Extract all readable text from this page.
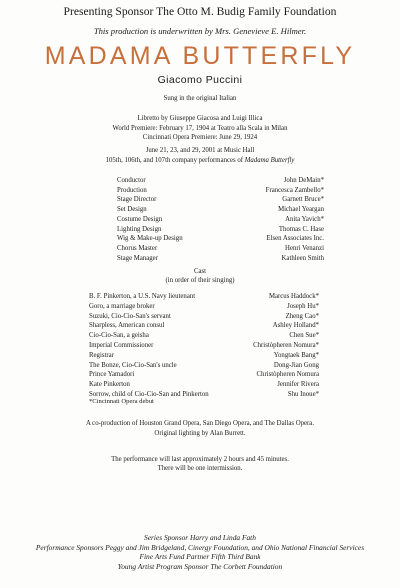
Presenting Sponsor The Otto M. Budig Family Foundation
This production is underwritten by Mrs. Genevieve E. Hilmer.
MADAMA BUTTERFLY
Giacomo Puccini
Sung in the original Italian
Libretto by Giuseppe Giacosa and Luigi Illica
World Premiere: February 17, 1904 at Teatro alla Scala in Milan
Cincinnati Opera Premiere: June 29, 1924
June 21, 23, and 29, 2001 at Music Hall
105th, 106th, and 107th company performances of Madama Butterfly
Conductor	John DeMain*
Production	Francesca Zambello*
Stage Director	Garnett Bruce*
Set Design	Michael Yeargan
Costume Design	Anita Yavich*
Lighting Design	Thomas C. Hase
Wig & Make-up Design	Elsen Associates Inc.
Chorus Master	Henri Venanzi
Stage Manager	Kathleen Smith
Cast
(in order of their singing)
B. F. Pinkerton, a U.S. Navy lieutenant	Marcus Haddock*
Goro, a marriage broker	Joseph Hu*
Suzuki, Cio-Cio-San's servant	Zheng Cao*
Sharpless, American consul	Ashley Holland*
Cio-Cio-San, a geisha	Chen Sue*
Imperial Commissioner	Christòpheren Nomura*
Registrar	Yongtaek Bang*
The Bonze, Cio-Cio-San's uncle	Dong-Jian Gong
Prince Yamadori	Christòpheren Nomura
Kate Pinkerton	Jennifer Rivera
Sorrow, child of Cio-Cio-San and Pinkerton	Shu Inoue*
*Cincinnati Opera debut
A co-production of Houston Grand Opera, San Diego Opera, and The Dallas Opera.
Original lighting by Alan Burrett.
The performance will last approximately 2 hours and 45 minutes.
There will be one intermission.
Series Sponsor Harry and Linda Fath
Performance Sponsors Peggy and Jim Bridgeland, Cinergy Foundation, and Ohio National Financial Services
Fine Arts Fund Partner Fifth Third Bank
Young Artist Program Sponsor The Corbett Foundation
